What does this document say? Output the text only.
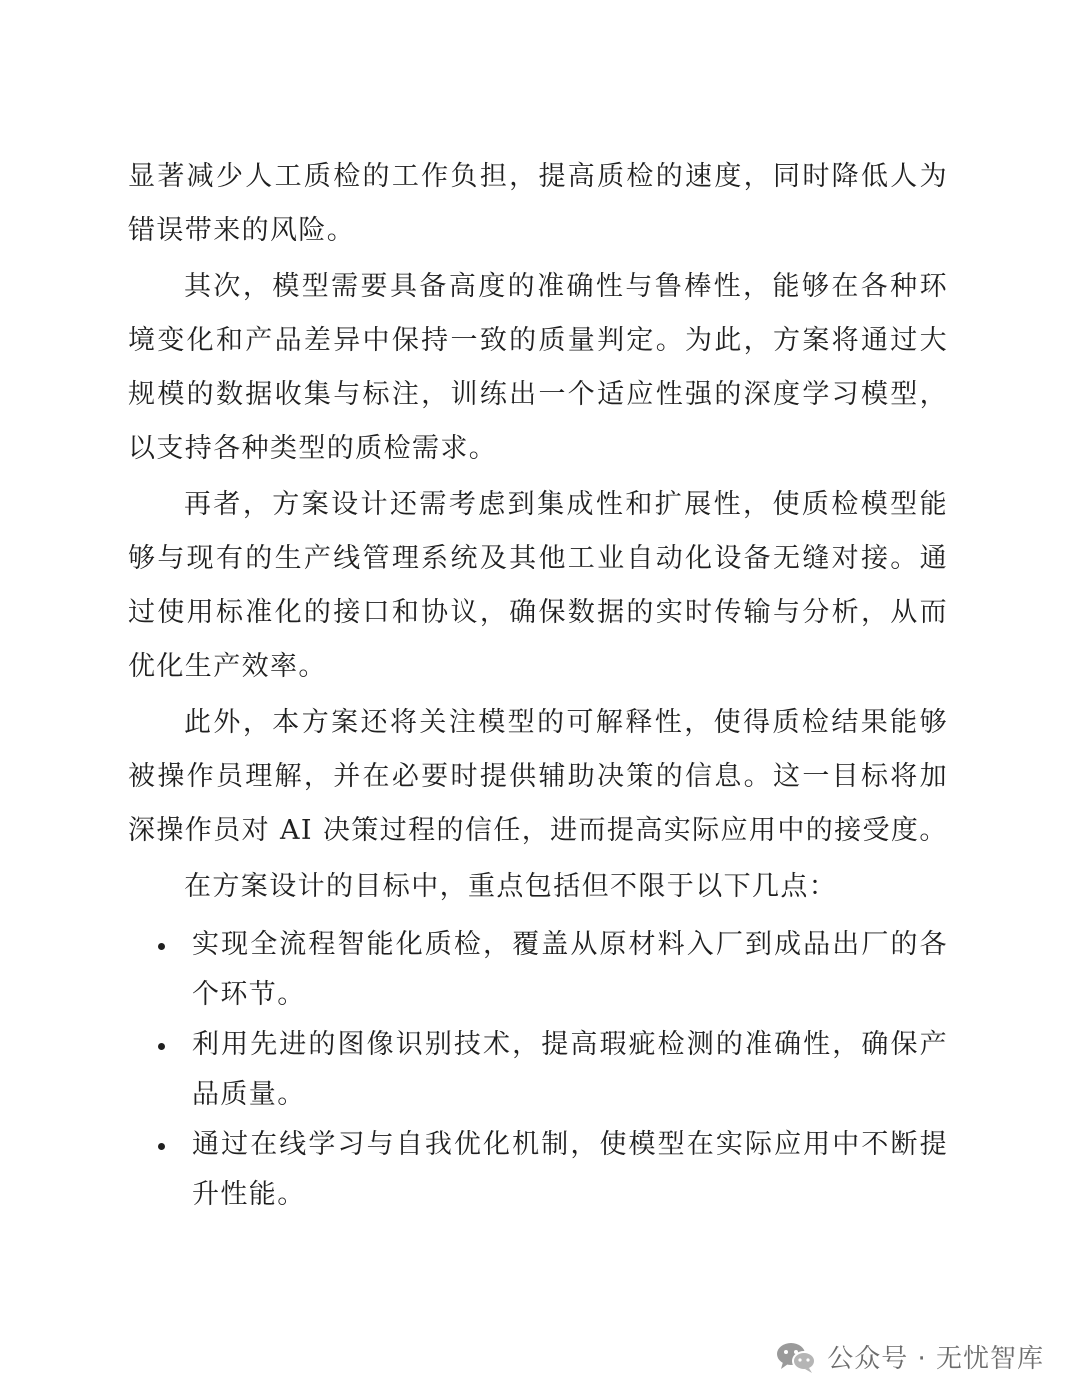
显著减少人工质检的工作负担，提高质检的速度，同时降低人为错误带来的风险。

其次，模型需要具备高度的准确性与鲁棒性，能够在各种环境变化和产品差异中保持一致的质量判定。为此，方案将通过大规模的数据收集与标注，训练出一个适应性强的深度学习模型，以支持各种类型的质检需求。

再者，方案设计还需考虑到集成性和扩展性，使质检模型能够与现有的生产线管理系统及其他工业自动化设备无缝对接。通过使用标准化的接口和协议，确保数据的实时传输与分析，从而优化生产效率。

此外，本方案还将关注模型的可解释性，使得质检结果能够被操作员理解，并在必要时提供辅助决策的信息。这一目标将加深操作员对 AI 决策过程的信任，进而提高实际应用中的接受度。

在方案设计的目标中，重点包括但不限于以下几点：

实现全流程智能化质检，覆盖从原材料入厂到成品出厂的各个环节。
利用先进的图像识别技术，提高瑕疵检测的准确性，确保产品质量。
通过在线学习与自我优化机制，使模型在实际应用中不断提升性能。
公众号 · 无忧智库
